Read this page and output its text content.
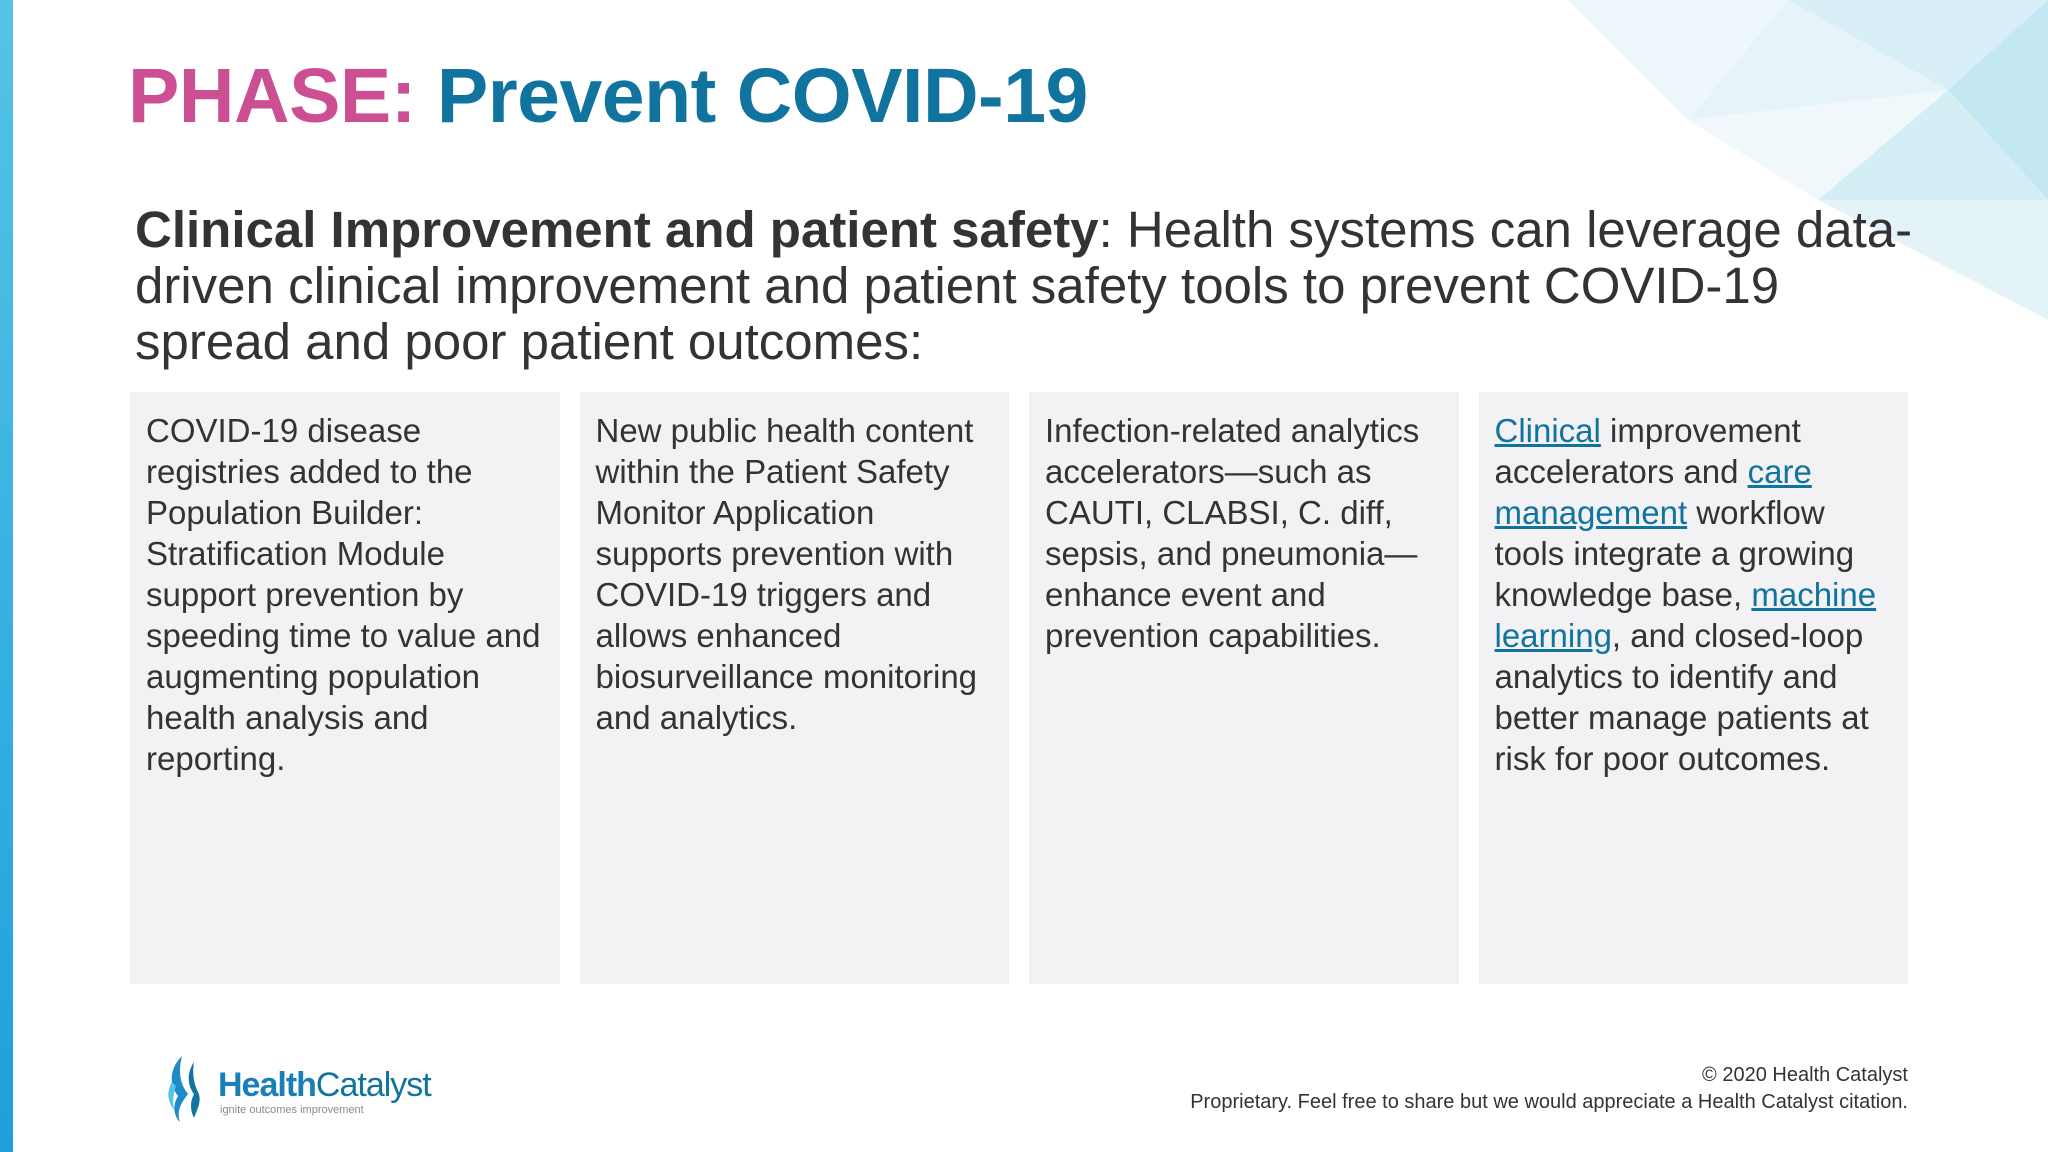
PHASE: Prevent COVID-19

Clinical Improvement and patient safety: Health systems can leverage data-driven clinical improvement and patient safety tools to prevent COVID-19 spread and poor patient outcomes:

COVID-19 disease registries added to the Population Builder: Stratification Module support prevention by speeding time to value and augmenting population health analysis and reporting.
New public health content within the Patient Safety Monitor Application supports prevention with COVID-19 triggers and allows enhanced biosurveillance monitoring and analytics.
Infection-related analytics accelerators—such as CAUTI, CLABSI, C. diff, sepsis, and pneumonia—enhance event and prevention capabilities.
Clinical improvement accelerators and care management workflow tools integrate a growing knowledge base, machine learning, and closed-loop analytics to identify and better manage patients at risk for poor outcomes.
HealthCatalyst
ignite outcomes improvement
© 2020 Health Catalyst
Proprietary. Feel free to share but we would appreciate a Health Catalyst citation.
